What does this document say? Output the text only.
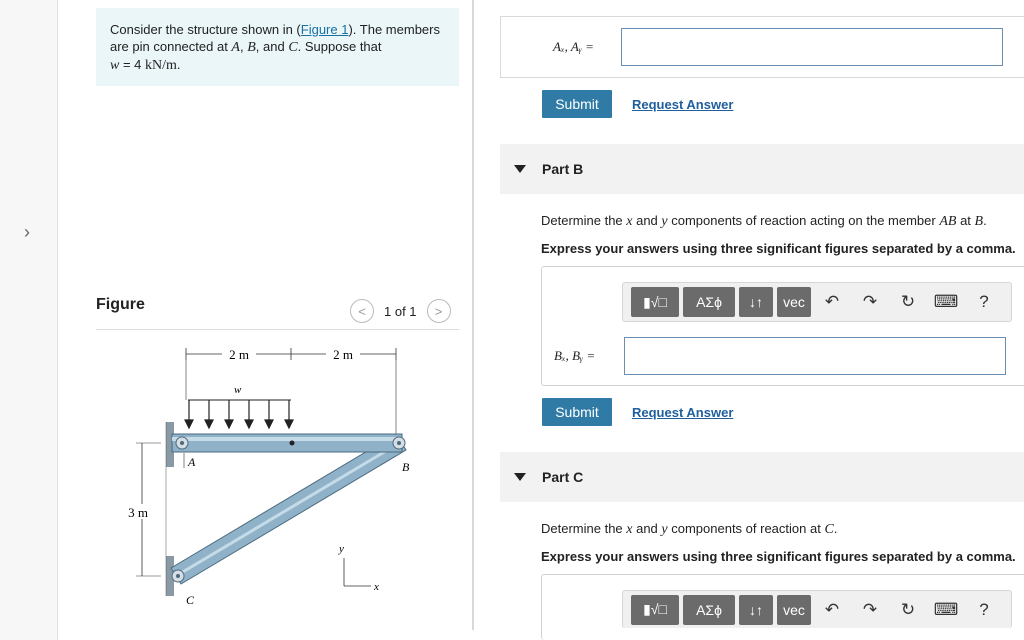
›
Consider the structure shown in (Figure 1). The members are pin connected at A, B, and C. Suppose that
w = 4 kN/m.
Figure	<	1 of 1	>
2 m	2 m
w
A	B
C
3 m
y
x
Aₓ, Aᵧ =
Submit	Request Answer
Part B
Determine the x and y components of reaction acting on the member AB at B.
Express your answers using three significant figures separated by a comma.
▮√□	ΑΣϕ	↓↑	vec	↶	↷	↻	⌨	?
Bₓ, Bᵧ =
Submit	Request Answer
Part C
Determine the x and y components of reaction at C.
Express your answers using three significant figures separated by a comma.
▮√□	ΑΣϕ	↓↑	vec	↶	↷	↻	⌨	?
